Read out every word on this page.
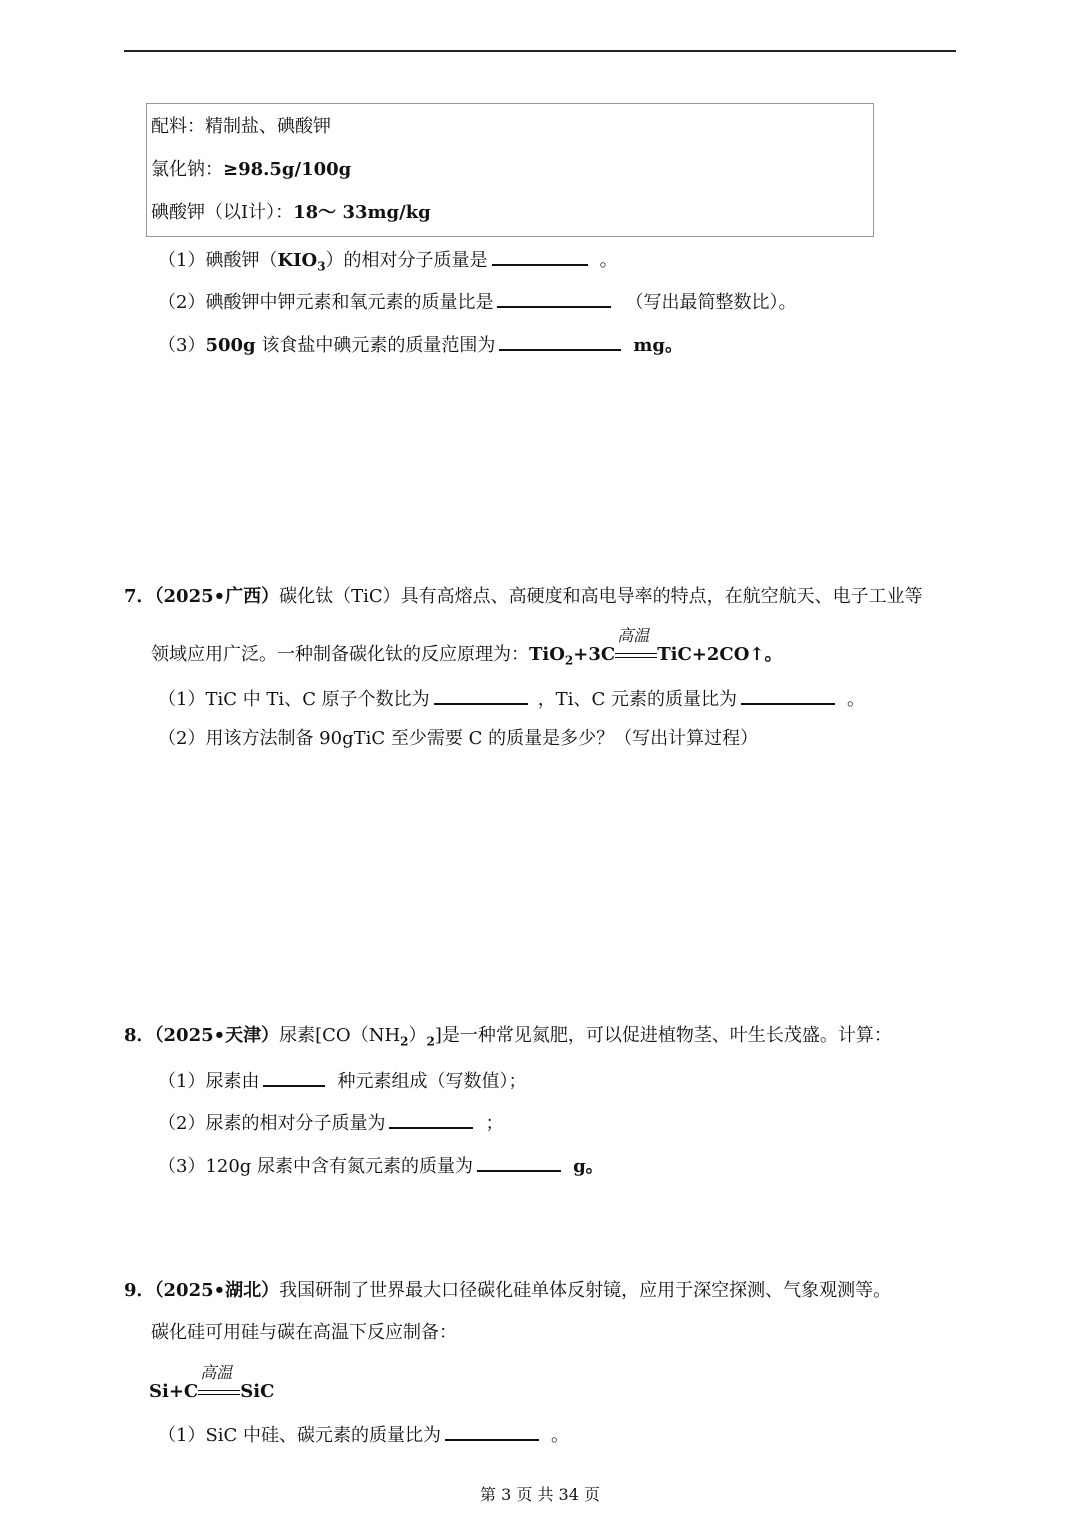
配料：精制盐、碘酸钾
氯化钠：≥98.5g/100g
碘酸钾（以Ⅰ计）：18～ 33mg/kg
（1）碘酸钾$(KIO_3)$的相对分子质量是	。
（2）碘酸钾中钾元素和氧元素的质量比是	（写出最简整数比）。
（3）500g 该食盐中碘元素的质量范围为	mg。
7．（2025•广西）碳化钛（TiC）具有高熔点、高硬度和高电导率的特点，在航空航天、电子工业等
领域应用广泛。一种制备碳化钛的反应原理为：TiO$_2$+3C
高温
TiC+2CO↑。
（1）TiC 中 Ti、C 原子个数比为	，Ti、C 元素的质量比为	。
（2）用该方法制备 90gTiC 至少需要 C 的质量是多少？（写出计算过程）
8．（2025•天津）尿素$[CO(NH_2)_2]$是一种常见氮肥，可以促进植物茎、叶生长茂盛。计算：
（1）尿素由	种元素组成（写数值）；
（2）尿素的相对分子质量为	；
（3）120g 尿素中含有氮元素的质量为	g。
9．（2025•湖北）我国研制了世界最大口径碳化硅单体反射镜，应用于深空探测、气象观测等。
碳化硅可用硅与碳在高温下反应制备：
Si+C
高温
SiC
（1）SiC 中硅、碳元素的质量比为	。
第 3 页 共 34 页
